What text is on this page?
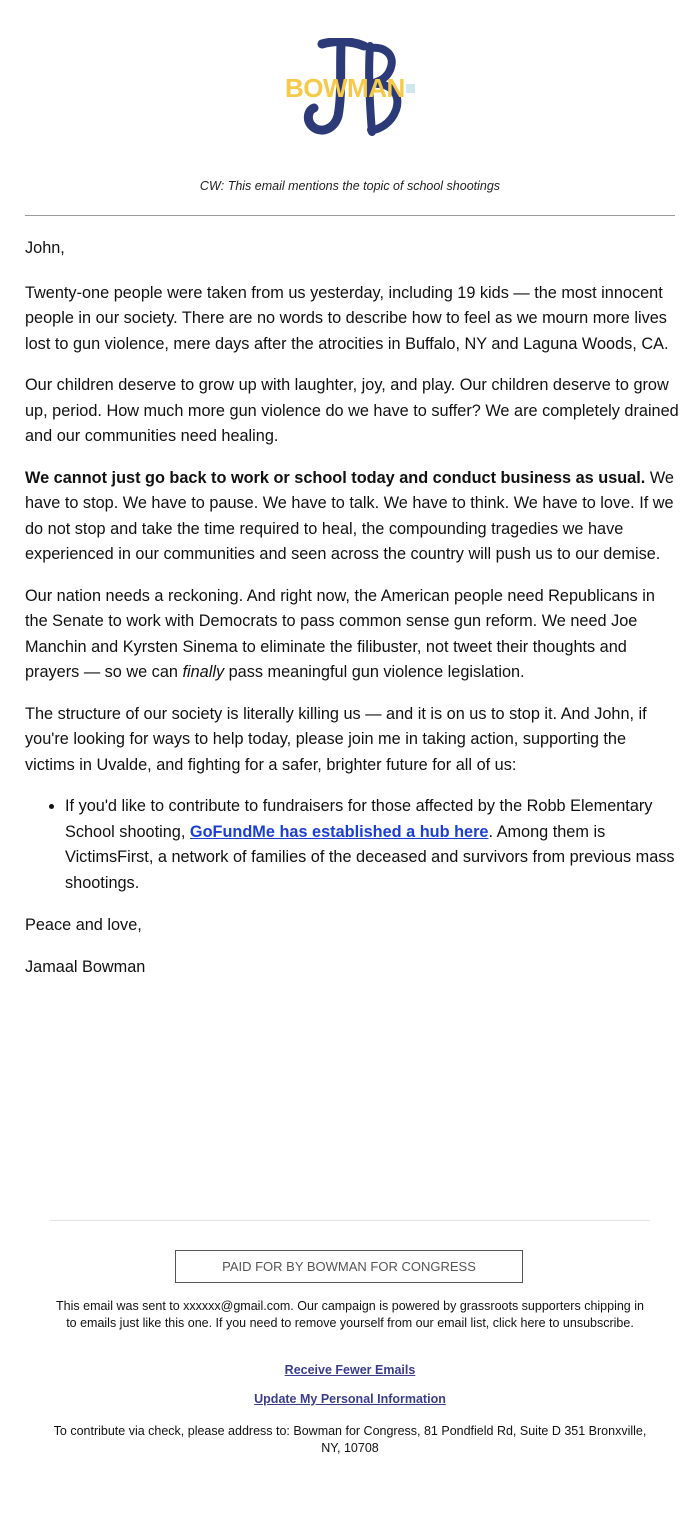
BOWMAN
CW: This email mentions the topic of school shootings

John,

Twenty-one people were taken from us yesterday, including 19 kids — the most innocent people in our society. There are no words to describe how to feel as we mourn more lives lost to gun violence, mere days after the atrocities in Buffalo, NY and Laguna Woods, CA.

Our children deserve to grow up with laughter, joy, and play. Our children deserve to grow up, period. How much more gun violence do we have to suffer? We are completely drained and our communities need healing.

We cannot just go back to work or school today and conduct business as usual. We have to stop. We have to pause. We have to talk. We have to think. We have to love. If we do not stop and take the time required to heal, the compounding tragedies we have experienced in our communities and seen across the country will push us to our demise.

Our nation needs a reckoning. And right now, the American people need Republicans in the Senate to work with Democrats to pass common sense gun reform. We need Joe Manchin and Kyrsten Sinema to eliminate the filibuster, not tweet their thoughts and prayers — so we can finally pass meaningful gun violence legislation.

The structure of our society is literally killing us — and it is on us to stop it. And John, if you're looking for ways to help today, please join me in taking action, supporting the victims in Uvalde, and fighting for a safer, brighter future for all of us:

• If you'd like to contribute to fundraisers for those affected by the Robb Elementary School shooting, GoFundMe has established a hub here. Among them is VictimsFirst, a network of families of the deceased and survivors from previous mass shootings.

Peace and love,

Jamaal Bowman

PAID FOR BY BOWMAN FOR CONGRESS
This email was sent to xxxxxx@gmail.com. Our campaign is powered by grassroots supporters chipping in to emails just like this one. If you need to remove yourself from our email list, click here to unsubscribe.
Receive Fewer Emails
Update My Personal Information
To contribute via check, please address to: Bowman for Congress, 81 Pondfield Rd, Suite D 351 Bronxville, NY, 10708
